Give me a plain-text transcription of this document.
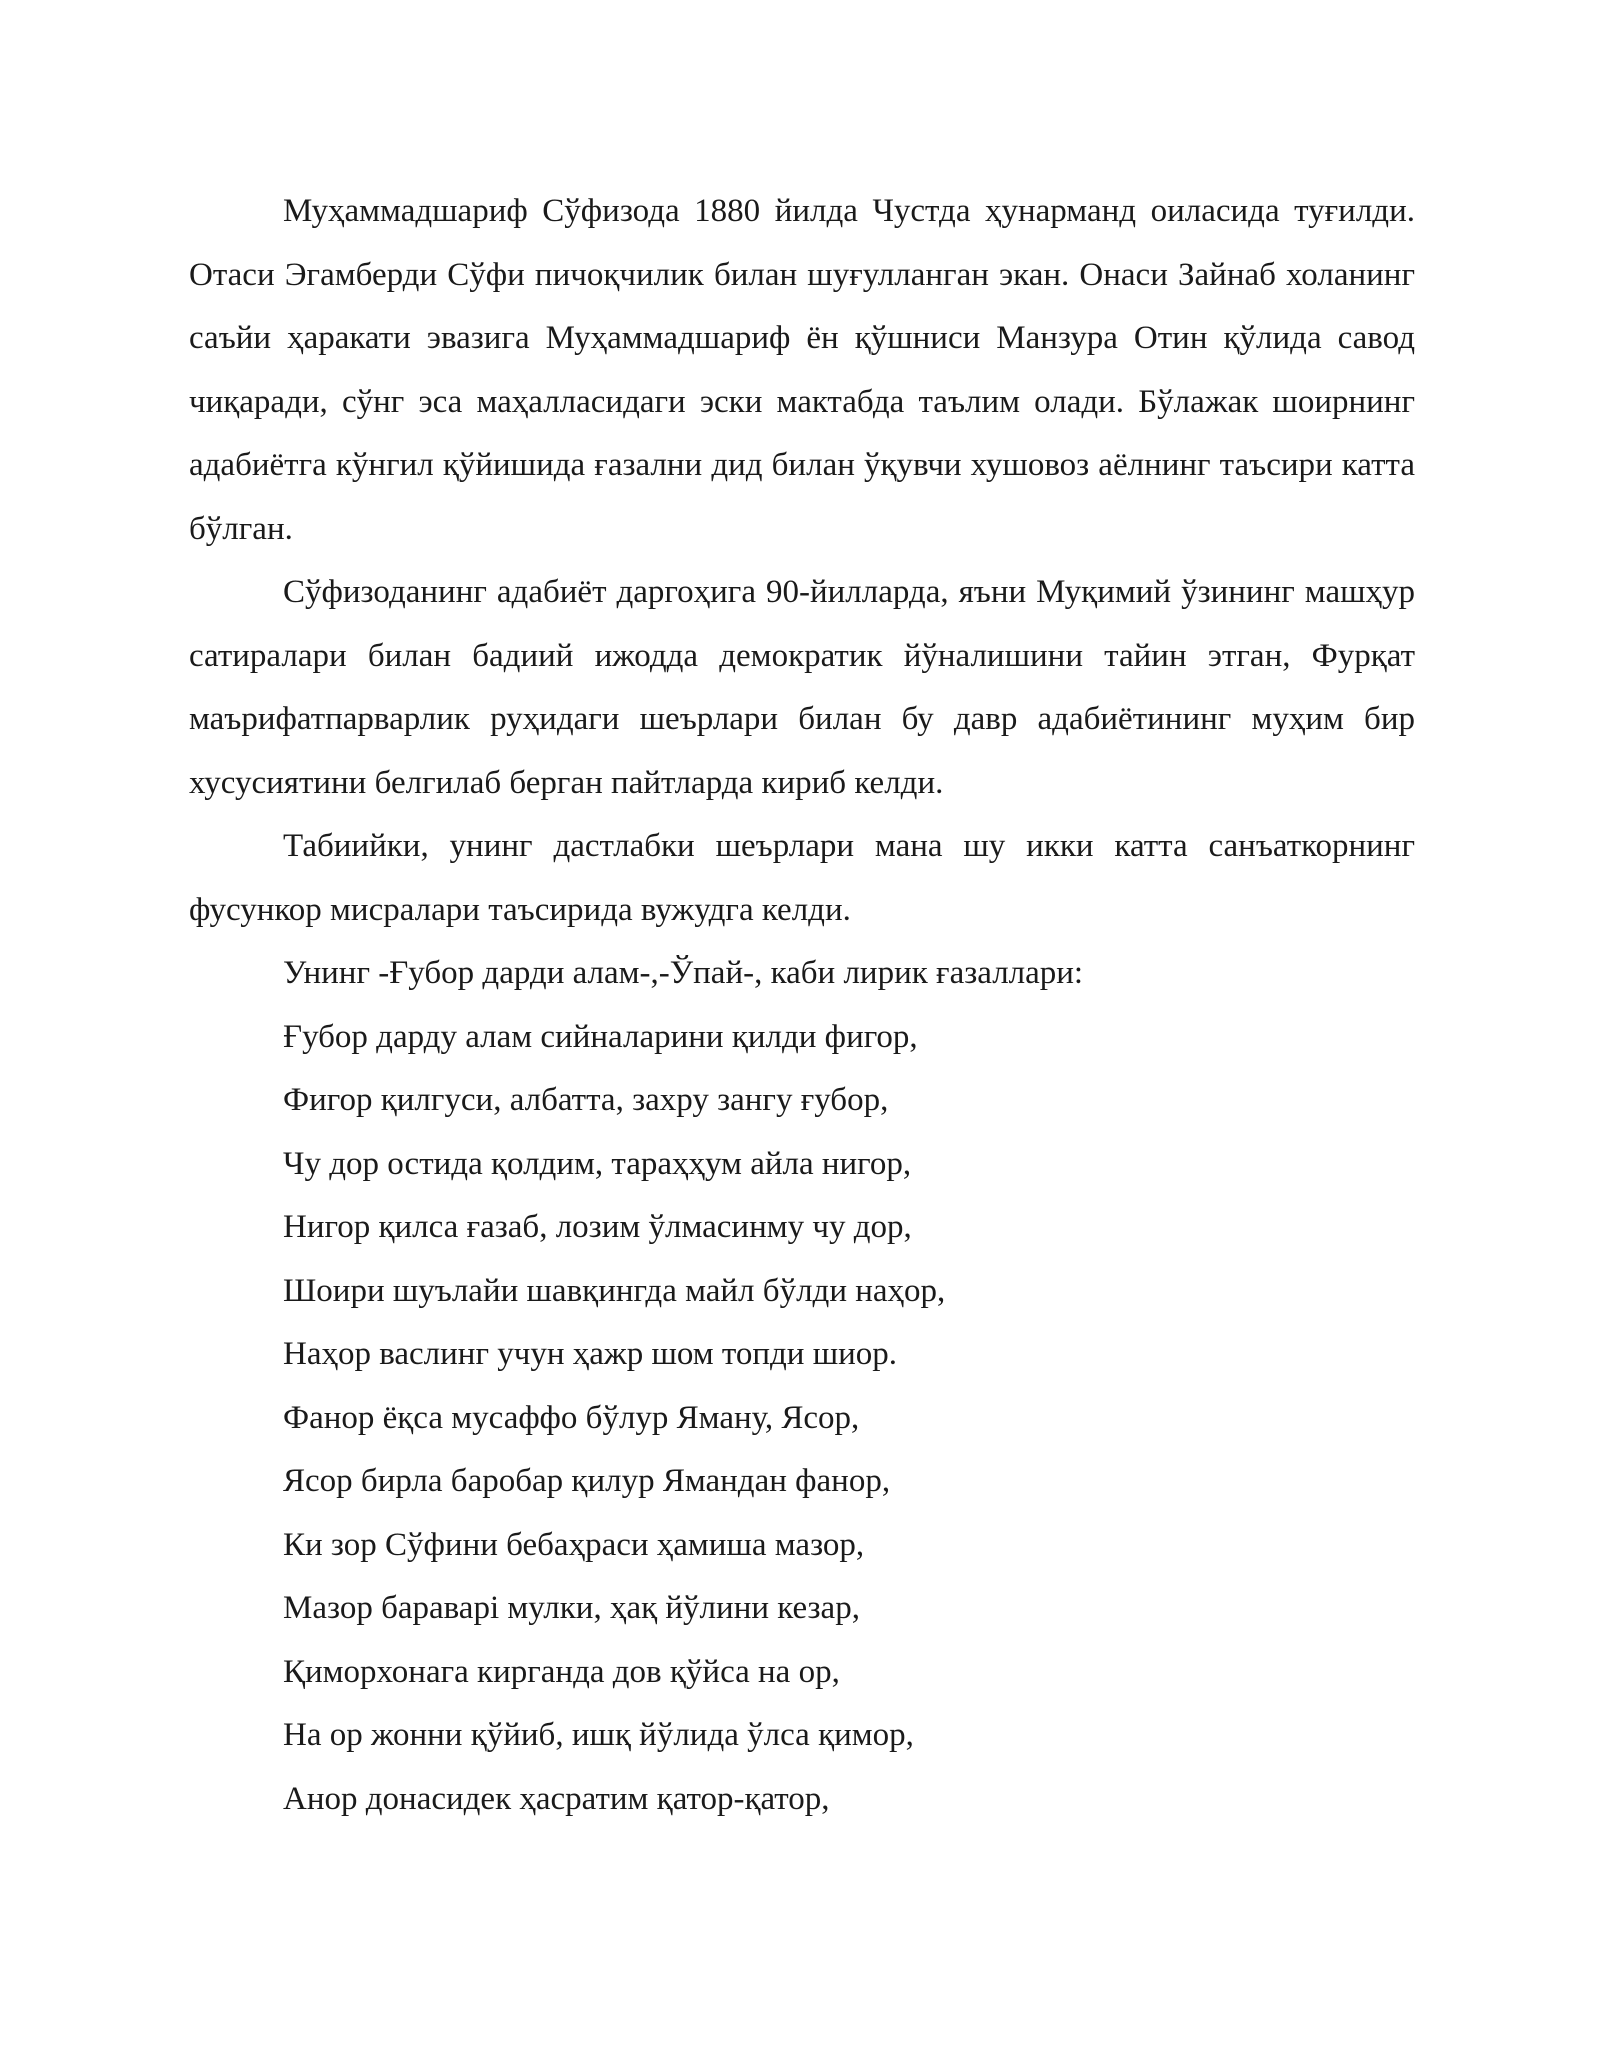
Муҳаммадшариф Сўфизода 1880 йилда Чустда ҳунарманд оиласида туғилди. Отаси Эгамберди Сўфи пичоқчилик билан шуғулланган экан. Онаси Зайнаб холанинг саъйи ҳаракати эвазига Муҳаммадшариф ён қўшниси Манзура Отин қўлида савод чиқаради, сўнг эса маҳалласидаги эски мактабда таълим олади. Бўлажак шоирнинг адабиётга кўнгил қўйишида ғазални дид билан ўқувчи хушовоз аёлнинг таъсири катта бўлган.

Сўфизоданинг адабиёт даргоҳига 90-йилларда, яъни Муқимий ўзининг машҳур сатиралари билан бадиий ижодда демократик йўналишини тайин этган, Фурқат маърифатпарварлик руҳидаги шеърлари билан бу давр адабиётининг муҳим бир хусусиятини белгилаб берган пайтларда кириб келди.

Табиийки, унинг дастлабки шеърлари мана шу икки катта санъаткорнинг фусункор мисралари таъсирида вужудга келди.

Унинг -Ғубор дарди алам-,-Ўпай-, каби лирик ғазаллари:

Ғубор дарду алам сийналарини қилди фигор,

Фигор қилгуси, албатта, захру зангу ғубор,

Чу дор остида қолдим, тараҳҳум айла нигор,

Нигор қилса ғазаб, лозим ўлмасинму чу дор,

Шоири шуълайи шавқингда майл бўлди наҳор,

Наҳор васлинг учун ҳажр шом топди шиор.

Фанор ёқса мусаффо бўлур Яману, Ясор,

Ясор бирла баробар қилур Ямандан фанор,

Ки зор Сўфини бебаҳраси ҳамиша мазор,

Мазор бараварi мулки, ҳақ йўлини кезар,

Қиморхонага кирганда дов қўйса на ор,

На ор жонни қўйиб, ишқ йўлида ўлса қимор,

Анор донасидек ҳасратим қатор-қатор,
